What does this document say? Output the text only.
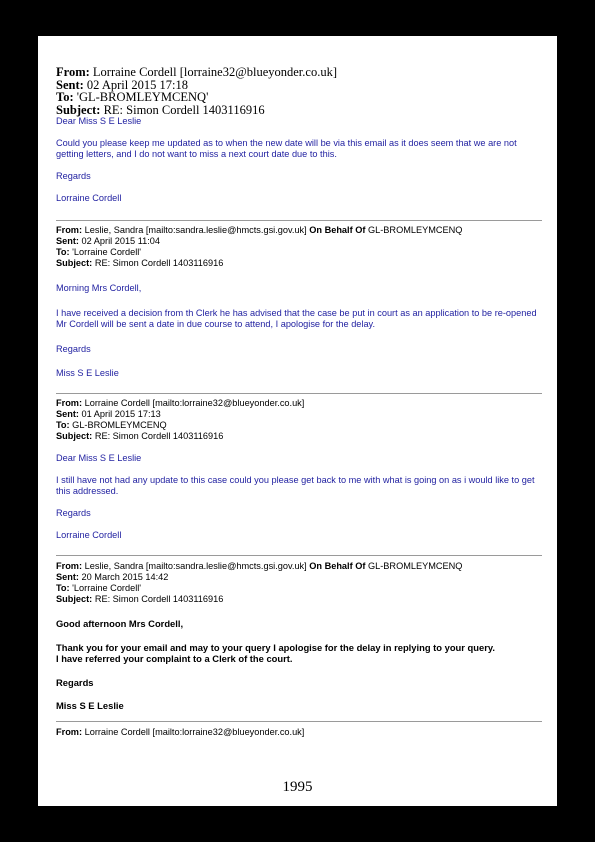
From: Lorraine Cordell [lorraine32@blueyonder.co.uk]
Sent: 02 April 2015 17:18
To: 'GL-BROMLEYMCENQ'
Subject: RE: Simon Cordell 1403116916

Dear Miss S E Leslie

Could you please keep me updated as to when the new date will be via this email as it does seem that we are not getting letters, and I do not want to miss a next court date due to this.

Regards

Lorraine Cordell

From: Leslie, Sandra [mailto:sandra.leslie@hmcts.gsi.gov.uk] On Behalf Of GL-BROMLEYMCENQ
Sent: 02 April 2015 11:04
To: 'Lorraine Cordell'
Subject: RE: Simon Cordell 1403116916

Morning Mrs Cordell,

I have received a decision from th Clerk he has advised that the case be put in court as an application to be re-opened Mr Cordell will be sent a date in due course to attend, I apologise for the delay.

Regards

Miss S E Leslie

From: Lorraine Cordell [mailto:lorraine32@blueyonder.co.uk]
Sent: 01 April 2015 17:13
To: GL-BROMLEYMCENQ
Subject: RE: Simon Cordell 1403116916

Dear Miss S E Leslie

I still have not had any update to this case could you please get back to me with what is going on as i would like to get this addressed.

Regards

Lorraine Cordell

From: Leslie, Sandra [mailto:sandra.leslie@hmcts.gsi.gov.uk] On Behalf Of GL-BROMLEYMCENQ
Sent: 20 March 2015 14:42
To: 'Lorraine Cordell'
Subject: RE: Simon Cordell 1403116916

Good afternoon Mrs Cordell,

Thank you for your email and may to your query I apologise for the delay in replying to your query.

I have referred your complaint to a Clerk of the court.

Regards

Miss S E Leslie

From: Lorraine Cordell [mailto:lorraine32@blueyonder.co.uk]
1995
